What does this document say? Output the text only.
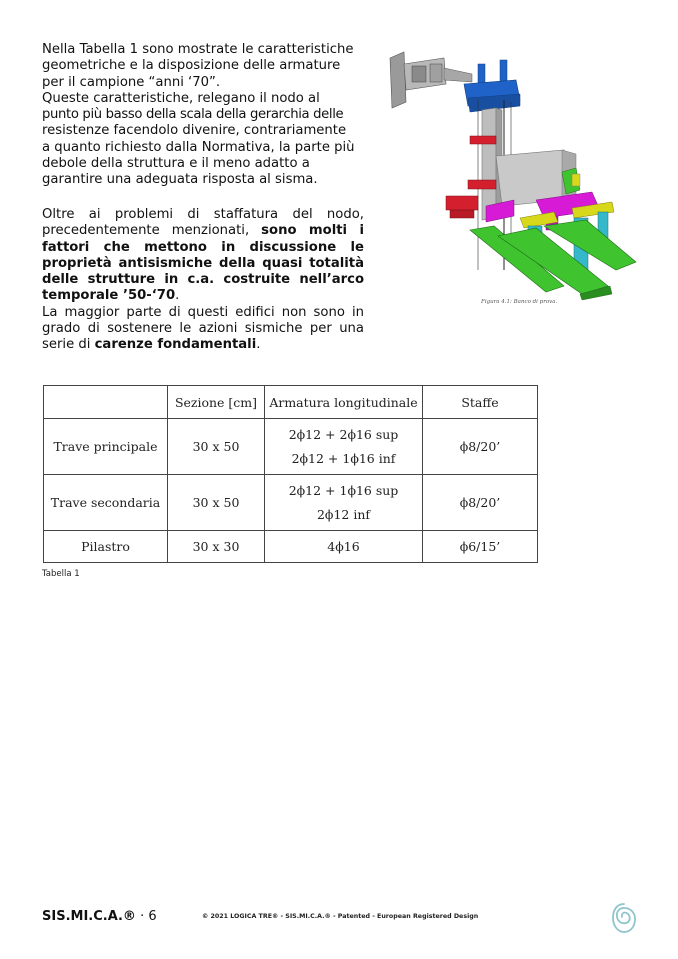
Nella Tabella 1 sono mostrate le caratteristiche
geometriche e la disposizione delle armature
per il campione “anni ‘70”.
Queste caratteristiche, relegano il nodo al
punto più basso della scala della gerarchia delle
resistenze facendolo divenire, contrariamente
a quanto richiesto dalla Normativa, la parte più
debole della struttura e il meno adatto a
garantire una adeguata risposta al sisma.
Oltre ai problemi di staffatura del nodo, precedentemente menzionati, sono molti i fattori che mettono in discussione le proprietà antisismiche della quasi totalità delle strutture in c.a. costruite nell’arco temporale ’50-‘70.
La maggior parte di questi edifici non sono in grado di sostenere le azioni sismiche per una serie di carenze fondamentali.
Figura 4.1: Banco di prova.
	Sezione [cm]	Armatura longitudinale	Staffe
Trave principale	30 x 50	2ϕ12 + 2ϕ16 sup
2ϕ12 + 1ϕ16 inf	ϕ8/20’
Trave secondaria	30 x 50	2ϕ12 + 1ϕ16 sup
2ϕ12 inf	ϕ8/20’
Pilastro	30 x 30	4ϕ16	ϕ6/15’
Tabella 1
SIS.MI.C.A.® · 6	© 2021 LOGICA TRE® - SIS.MI.C.A.® - Patented - European Registered Design
